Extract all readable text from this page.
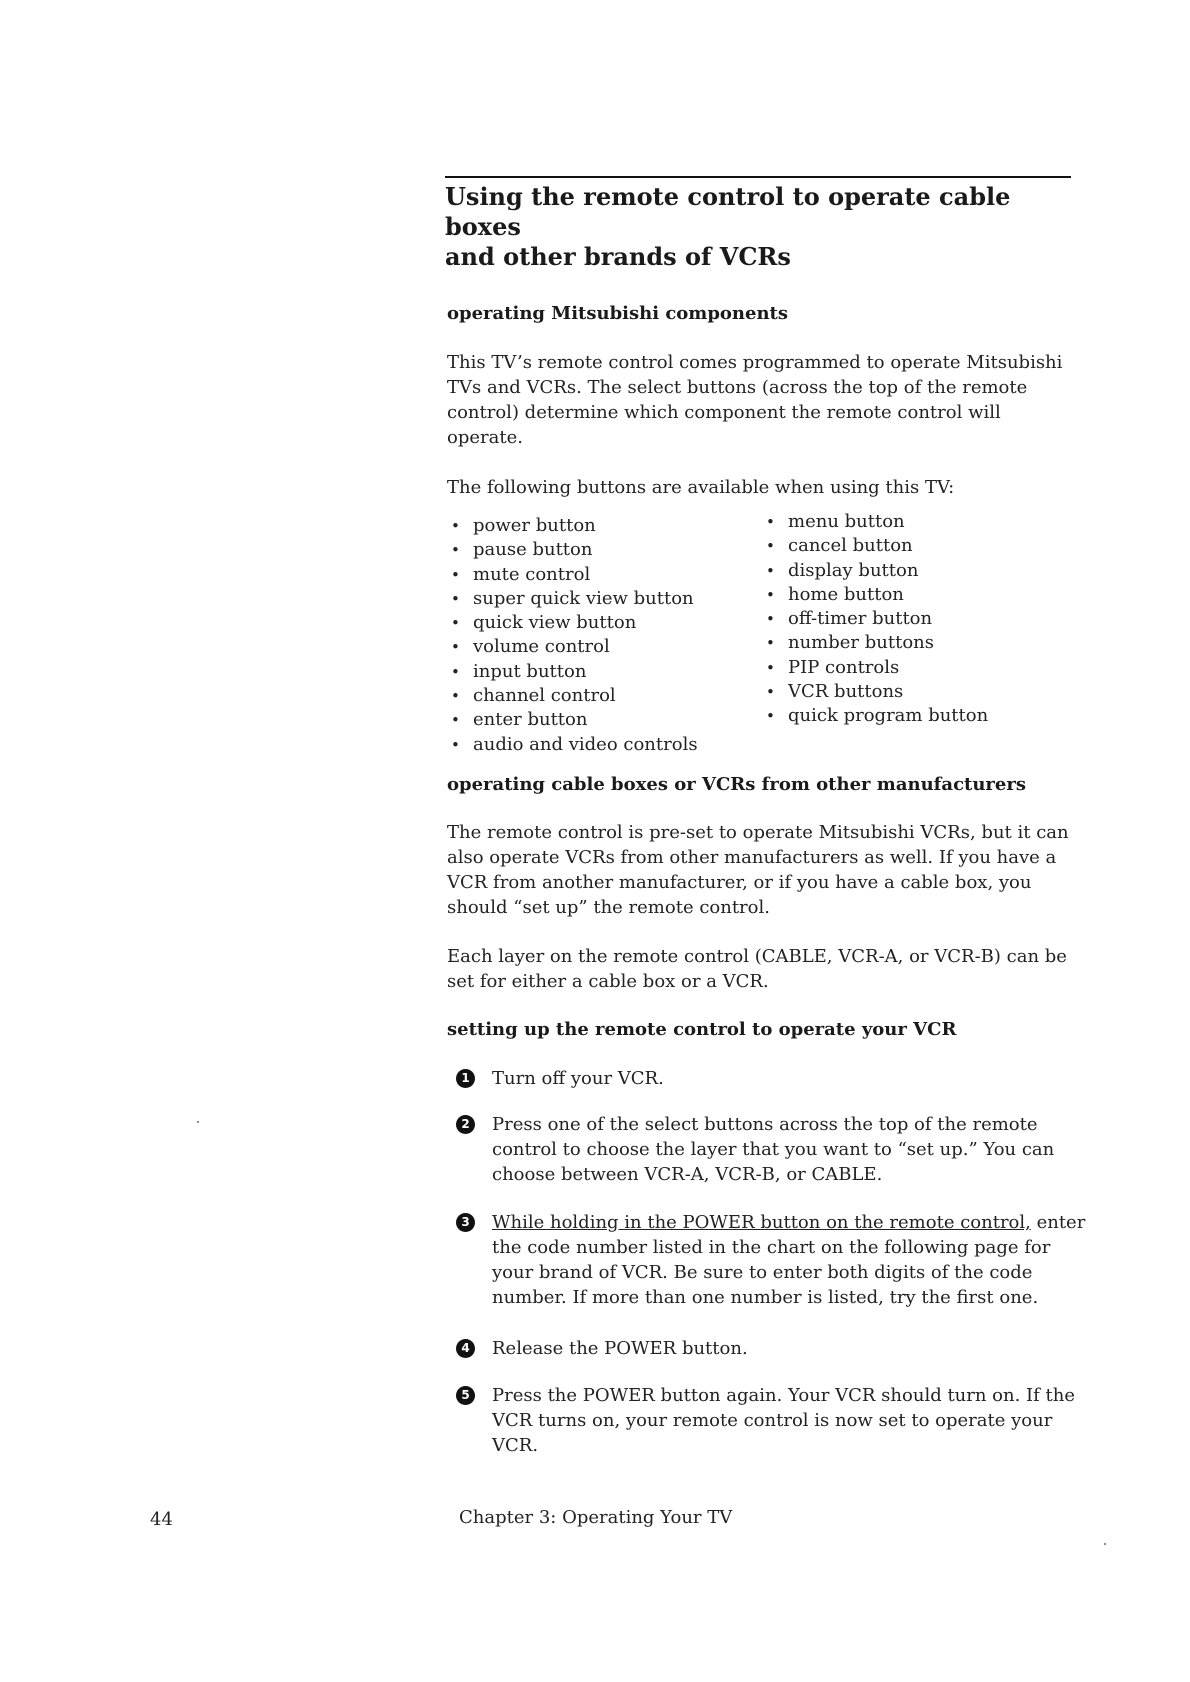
Using the remote control to operate cable boxes
and other brands of VCRs
operating Mitsubishi components

This TV’s remote control comes programmed to operate Mitsubishi TVs and VCRs. The select buttons (across the top of the remote control) determine which component the remote control will operate.

The following buttons are available when using this TV:

• power button
• pause button
• mute control
• super quick view button
• quick view button
• volume control
• input button
• channel control
• enter button
• audio and video controls
• menu button
• cancel button
• display button
• home button
• off-timer button
• number buttons
• PIP controls
• VCR buttons
• quick program button
operating cable boxes or VCRs from other manufacturers

The remote control is pre-set to operate Mitsubishi VCRs, but it can also operate VCRs from other manufacturers as well. If you have a VCR from another manufacturer, or if you have a cable box, you should “set up” the remote control.

Each layer on the remote control (CABLE, VCR-A, or VCR-B) can be set for either a cable box or a VCR.

setting up the remote control to operate your VCR
1 Turn off your VCR.
2 Press one of the select buttons across the top of the remote control to choose the layer that you want to “set up.” You can choose between VCR-A, VCR-B, or CABLE.
3 While holding in the POWER button on the remote control, enter the code number listed in the chart on the following page for your brand of VCR. Be sure to enter both digits of the code number. If more than one number is listed, try the first one.
4 Release the POWER button.
5 Press the POWER button again. Your VCR should turn on. If the VCR turns on, your remote control is now set to operate your VCR.
44	Chapter 3: Operating Your TV
